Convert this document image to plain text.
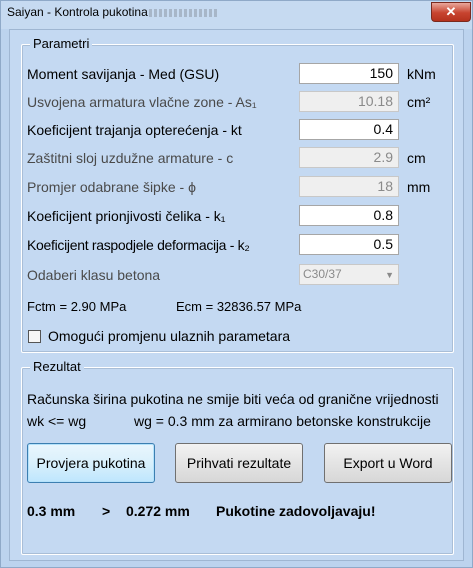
Saiyan - Kontrola pukotina	✕
Parametri
Moment savijanja - Med (GSU)	150	kNm
Usvojena armatura vlačne zone - As₁	10.18	cm²
Koeficijent trajanja opterećenja - kt	0.4
Zaštitni sloj uzdužne armature - c	2.9	cm
Promjer odabrane šipke - ϕ	18	mm
Koeficijent prionjivosti čelika - k₁	0.8
Koeficijent raspodjele deformacija - k₂	0.5
Odaberi klasu betona	C30/37	▼
Fctm = 2.90 MPa	Ecm = 32836.57 MPa
Omogući promjenu ulaznih parametara
Rezultat
Računska širina pukotina ne smije biti veća od granične vrijednosti
wk <= wg	wg = 0.3 mm za armirano betonske konstrukcije
Provjera pukotina	Prihvati rezultate	Export u Word
0.3 mm > 0.272 mm Pukotine zadovoljavaju!
